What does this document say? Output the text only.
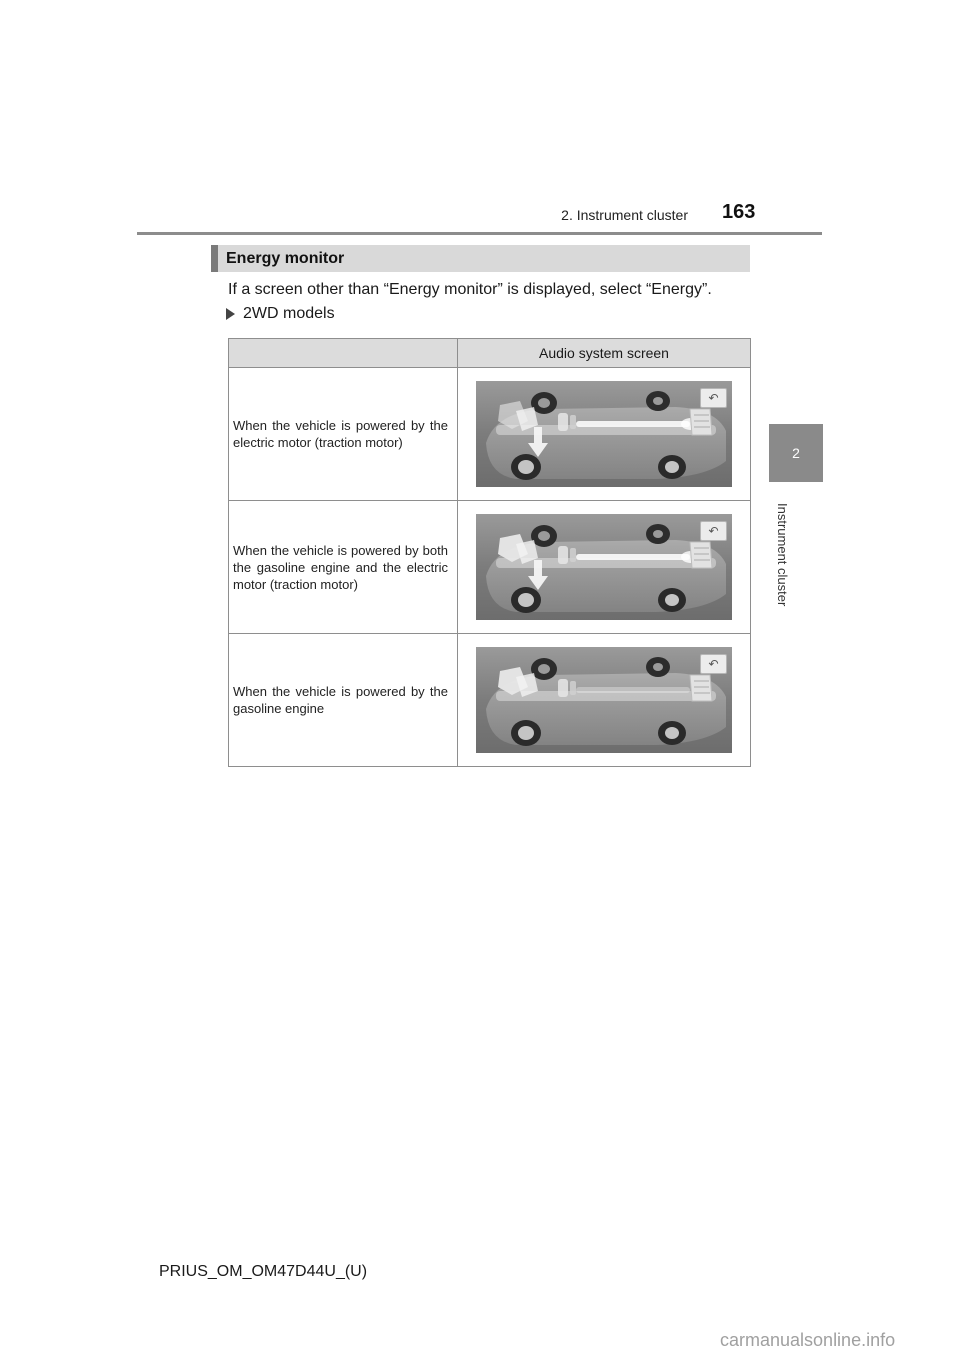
2. Instrument cluster 163
2
Instrument cluster
Energy monitor
If a screen other than “Energy monitor” is displayed, select “Energy”.
2WD models
	Audio system screen
When the vehicle is powered by the electric motor (traction motor)	↶

When the vehicle is powered by both the gasoline engine and the electric motor (traction motor)	↶

When the vehicle is powered by the gasoline engine	↶
PRIUS_OM_OM47D44U_(U)
carmanualsonline.info
